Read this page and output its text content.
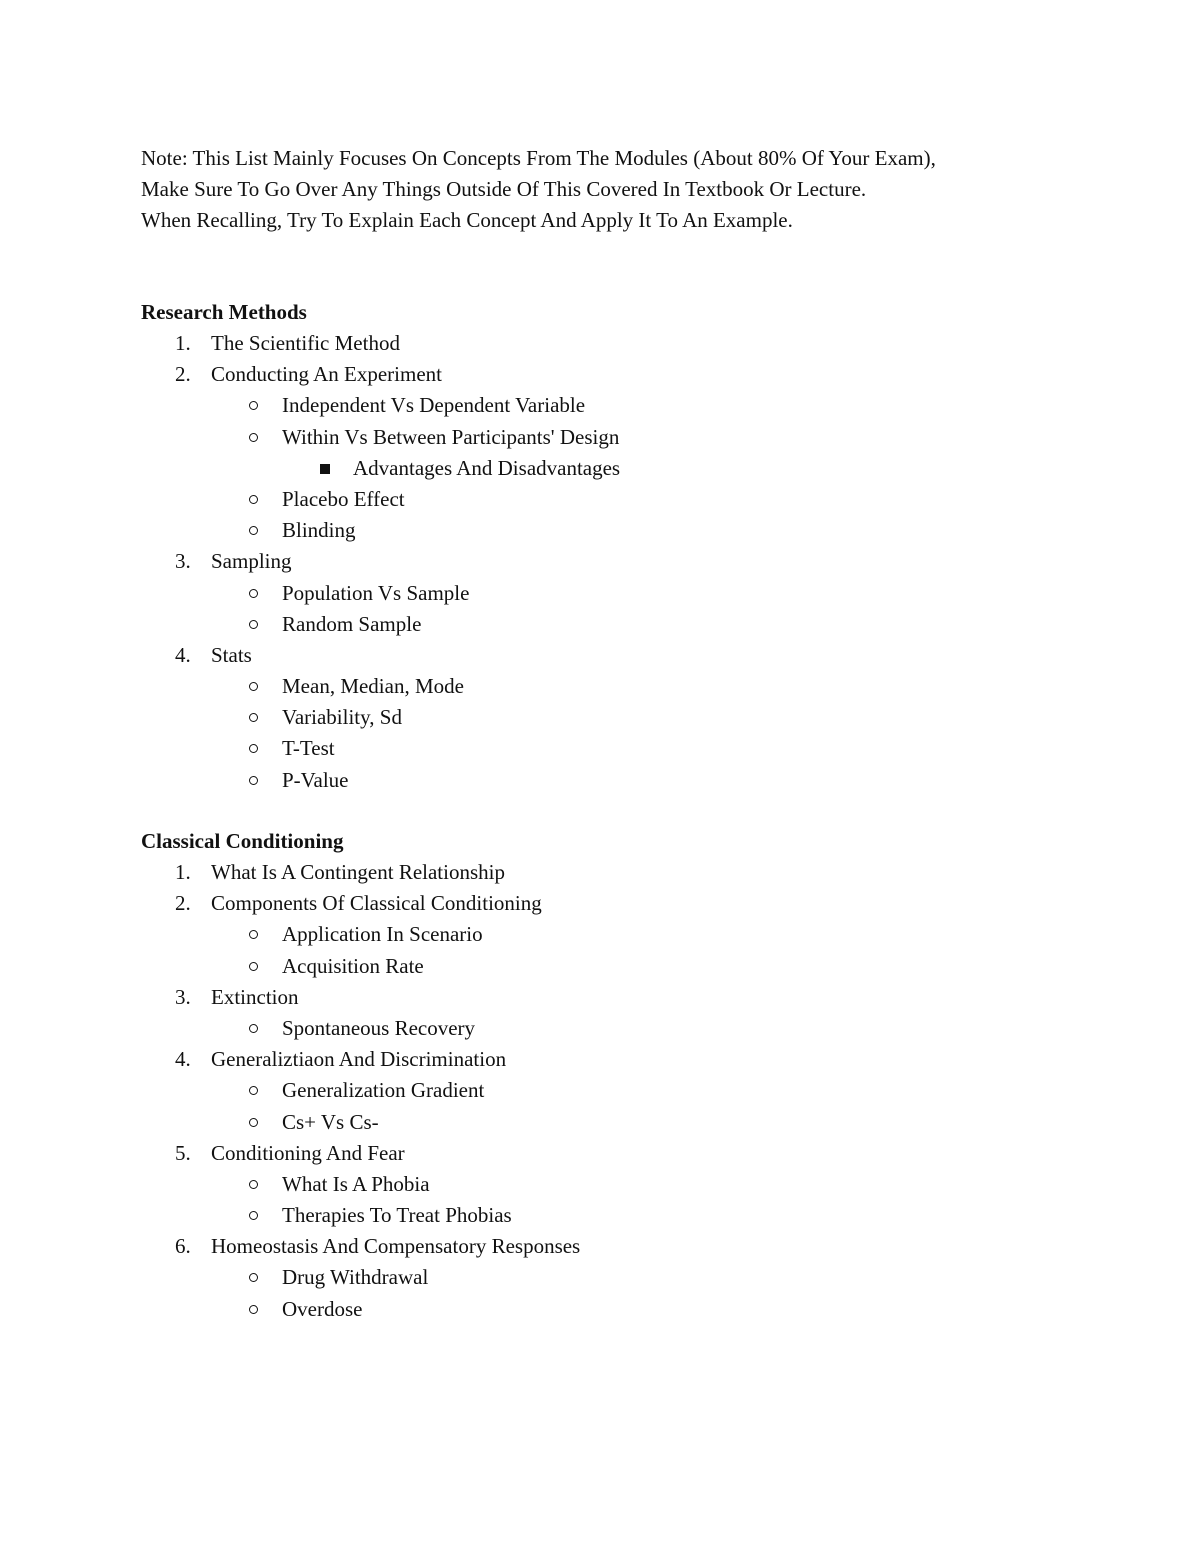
Note: This List Mainly Focuses On Concepts From The Modules (About 80% Of Your Exam),
Make Sure To Go Over Any Things Outside Of This Covered In Textbook Or Lecture.
When Recalling, Try To Explain Each Concept And Apply It To An Example.
Research Methods
1. The Scientific Method
2. Conducting An Experiment
Independent Vs Dependent Variable
Within Vs Between Participants' Design
Advantages And Disadvantages
Placebo Effect
Blinding
3. Sampling
Population Vs Sample
Random Sample
4. Stats
Mean, Median, Mode
Variability, Sd
T-Test
P-Value
Classical Conditioning
1. What Is A Contingent Relationship
2. Components Of Classical Conditioning
Application In Scenario
Acquisition Rate
3. Extinction
Spontaneous Recovery
4. Generaliztiaon And Discrimination
Generalization Gradient
Cs+ Vs Cs-
5. Conditioning And Fear
What Is A Phobia
Therapies To Treat Phobias
6. Homeostasis And Compensatory Responses
Drug Withdrawal
Overdose
